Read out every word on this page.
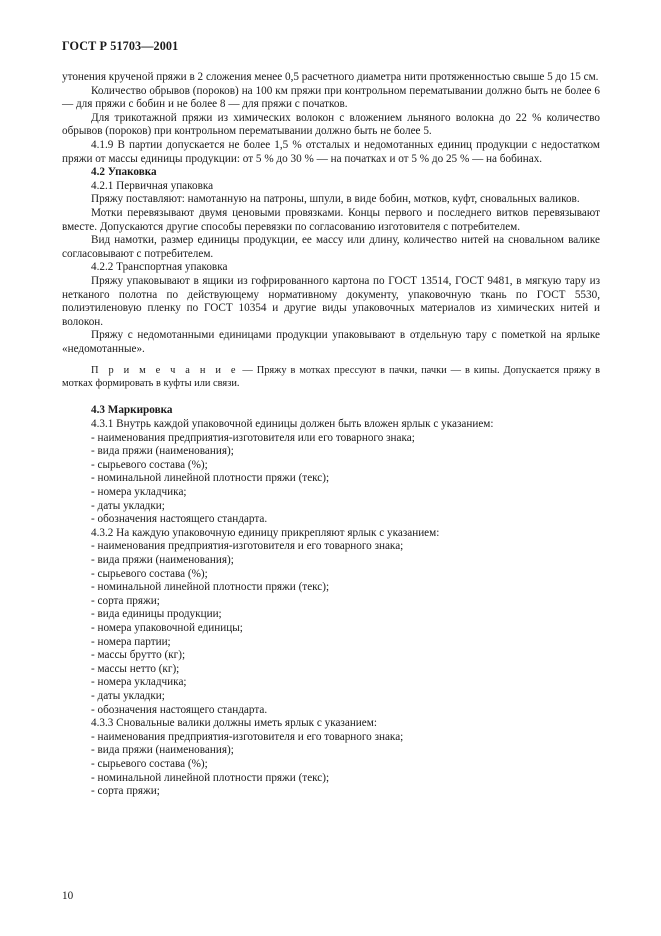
ГОСТ Р 51703—2001

утонения крученой пряжи в 2 сложения менее 0,5 расчетного диаметра нити протяженностью свыше 5 до 15 см.

Количество обрывов (пороков) на 100 км пряжи при контрольном перематывании должно быть не более 6 — для пряжи с бобин и не более 8 — для пряжи с початков.

Для трикотажной пряжи из химических волокон с вложением льняного волокна до 22 % количество обрывов (пороков) при контрольном перематывании должно быть не более 5.

4.1.9 В партии допускается не более 1,5 % отсталых и недомотанных единиц продукции с недостатком пряжи от массы единицы продукции: от 5 % до 30 % — на початках и от 5 % до 25 % — на бобинах.

4.2 Упаковка

4.2.1 Первичная упаковка

Пряжу поставляют: намотанную на патроны, шпули, в виде бобин, мотков, куфт, сновальных валиков.

Мотки перевязывают двумя ценовыми провязками. Концы первого и последнего витков перевязывают вместе. Допускаются другие способы перевязки по согласованию изготовителя с потребителем.

Вид намотки, размер единицы продукции, ее массу или длину, количество нитей на сновальном валике согласовывают с потребителем.

4.2.2 Транспортная упаковка

Пряжу упаковывают в ящики из гофрированного картона по ГОСТ 13514, ГОСТ 9481, в мягкую тару из нетканого полотна по действующему нормативному документу, упаковочную ткань по ГОСТ 5530, полиэтиленовую пленку по ГОСТ 10354 и другие виды упаковочных материалов из химических нитей и волокон.

Пряжу с недомотанными единицами продукции упаковывают в отдельную тару с пометкой на ярлыке «недомотанные».

П р и м е ч а н и е — Пряжу в мотках прессуют в пачки, пачки — в кипы. Допускается пряжу в мотках формировать в куфты или связи.

4.3 Маркировка

4.3.1 Внутрь каждой упаковочной единицы должен быть вложен ярлык с указанием:

- наименования предприятия-изготовителя или его товарного знака;

- вида пряжи (наименования);

- сырьевого состава (%);

- номинальной линейной плотности пряжи (текс);

- номера укладчика;

- даты укладки;

- обозначения настоящего стандарта.

4.3.2 На каждую упаковочную единицу прикрепляют ярлык с указанием:

- наименования предприятия-изготовителя и его товарного знака;

- вида пряжи (наименования);

- сырьевого состава (%);

- номинальной линейной плотности пряжи (текс);

- сорта пряжи;

- вида единицы продукции;

- номера упаковочной единицы;

- номера партии;

- массы брутто (кг);

- массы нетто (кг);

- номера укладчика;

- даты укладки;

- обозначения настоящего стандарта.

4.3.3 Сновальные валики должны иметь ярлык с указанием:

- наименования предприятия-изготовителя и его товарного знака;

- вида пряжи (наименования);

- сырьевого состава (%);

- номинальной линейной плотности пряжи (текс);

- сорта пряжи;

10
